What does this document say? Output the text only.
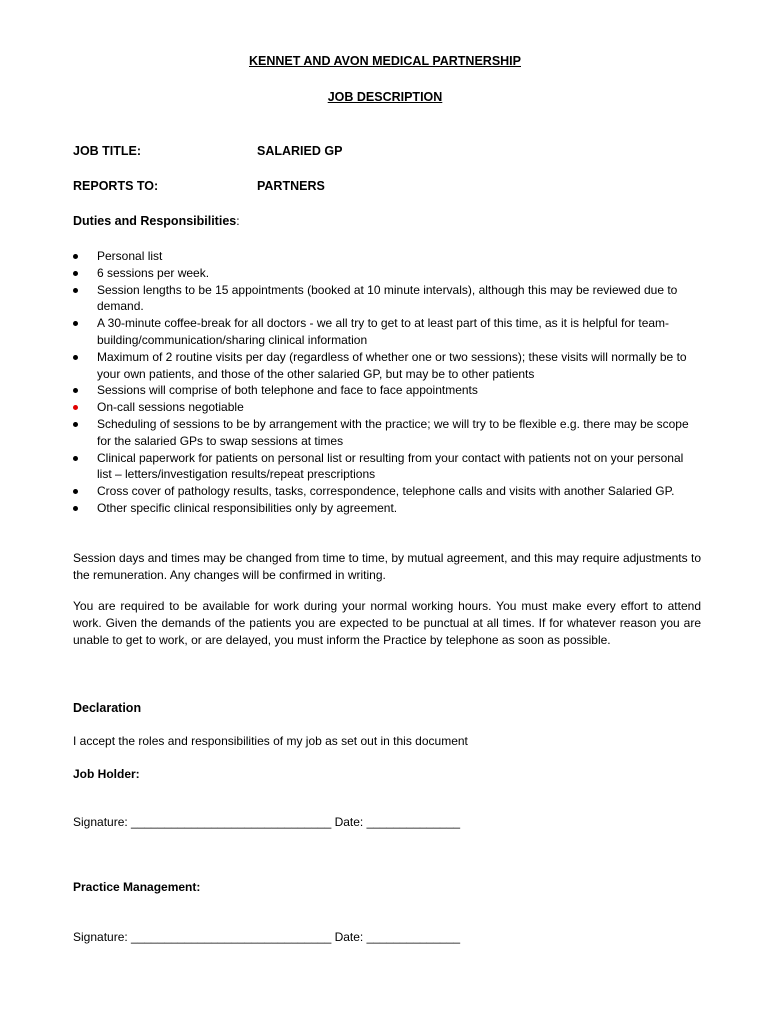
KENNET AND AVON MEDICAL PARTNERSHIP
JOB DESCRIPTION
JOB TITLE:	SALARIED GP
REPORTS TO:	PARTNERS
Duties and Responsibilities:
Personal list
6 sessions per week.
Session lengths to be 15 appointments (booked at 10 minute intervals), although this may be reviewed due to demand.
A 30-minute coffee-break for all doctors - we all try to get to at least part of this time, as it is helpful for team-building/communication/sharing clinical information
Maximum of 2 routine visits per day (regardless of whether one or two sessions); these visits will normally be to your own patients, and those of the other salaried GP, but may be to other patients
Sessions will comprise of both telephone and face to face appointments
On-call sessions negotiable
Scheduling of sessions to be by arrangement with the practice; we will try to be flexible e.g. there may be scope for the salaried GPs to swap sessions at times
Clinical paperwork for patients on personal list or resulting from your contact with patients not on your personal list – letters/investigation results/repeat prescriptions
Cross cover of pathology results, tasks, correspondence, telephone calls and visits with another Salaried GP.
Other specific clinical responsibilities only by agreement.
Session days and times may be changed from time to time, by mutual agreement, and this may require adjustments to the remuneration. Any changes will be confirmed in writing.
You are required to be available for work during your normal working hours. You must make every effort to attend work. Given the demands of the patients you are expected to be punctual at all times. If for whatever reason you are unable to get to work, or are delayed, you must inform the Practice by telephone as soon as possible.
Declaration
I accept the roles and responsibilities of my job as set out in this document
Job Holder:
Signature: ______________________________ Date: ______________
Practice Management:
Signature: ______________________________ Date: ______________
